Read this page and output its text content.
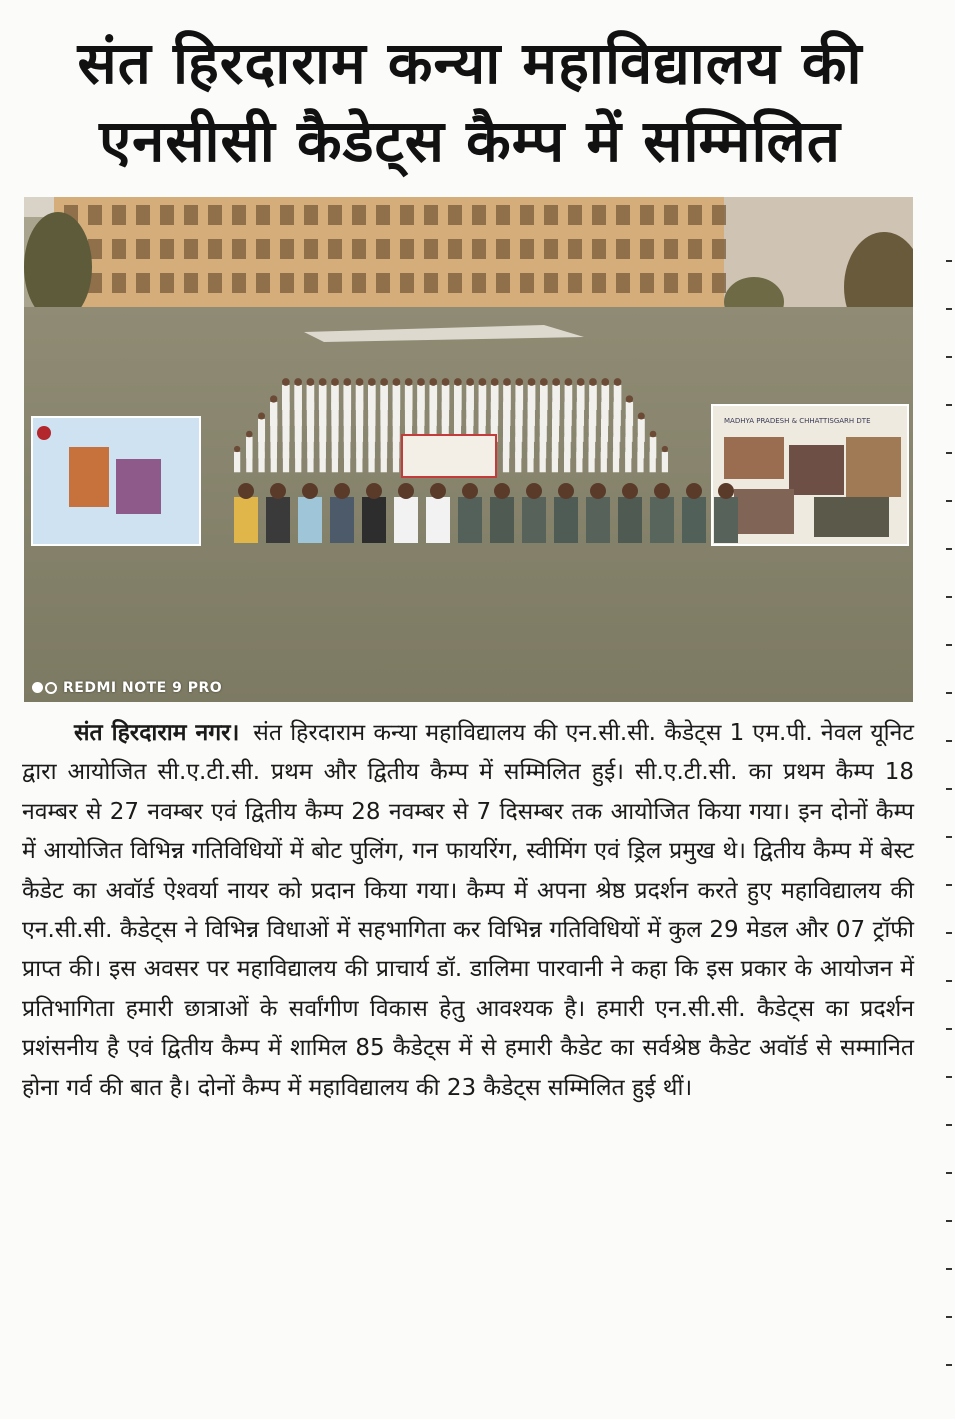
संत हिरदाराम कन्या महाविद्यालय की
एनसीसी कैडेट्स कैम्प में सम्मिलित
MADHYA PRADESH & CHHATTISGARH DTE
REDMI NOTE 9 PRO
संत हिरदाराम नगर। संत हिरदाराम कन्या महाविद्यालय की एन.सी.सी. कैडेट्स 1 एम.पी. नेवल यूनिट द्वारा आयोजित सी.ए.टी.सी. प्रथम और द्वितीय कैम्प में सम्मिलित हुई। सी.ए.टी.सी. का प्रथम कैम्प 18 नवम्बर से 27 नवम्बर एवं द्वितीय कैम्प 28 नवम्बर से 7 दिसम्बर तक आयोजित किया गया। इन दोनों कैम्प में आयोजित विभिन्न गतिविधियों में बोट पुलिंग, गन फायरिंग, स्वीमिंग एवं ड्रिल प्रमुख थे। द्वितीय कैम्प में बेस्ट कैडेट का अवॉर्ड ऐश्वर्या नायर को प्रदान किया गया। कैम्प में अपना श्रेष्ठ प्रदर्शन करते हुए महाविद्यालय की एन.सी.सी. कैडेट्स ने विभिन्न विधाओं में सहभागिता कर विभिन्न गतिविधियों में कुल 29 मेडल और 07 ट्रॉफी प्राप्त की। इस अवसर पर महाविद्यालय की प्राचार्य डॉ. डालिमा पारवानी ने कहा कि इस प्रकार के आयोजन में प्रतिभागिता हमारी छात्राओं के सर्वांगीण विकास हेतु आवश्यक है। हमारी एन.सी.सी. कैडेट्स का प्रदर्शन प्रशंसनीय है एवं द्वितीय कैम्प में शामिल 85 कैडेट्स में से हमारी कैडेट का सर्वश्रेष्ठ कैडेट अवॉर्ड से सम्मानित होना गर्व की बात है। दोनों कैम्प में महाविद्यालय की 23 कैडेट्स सम्मिलित हुई थीं।
